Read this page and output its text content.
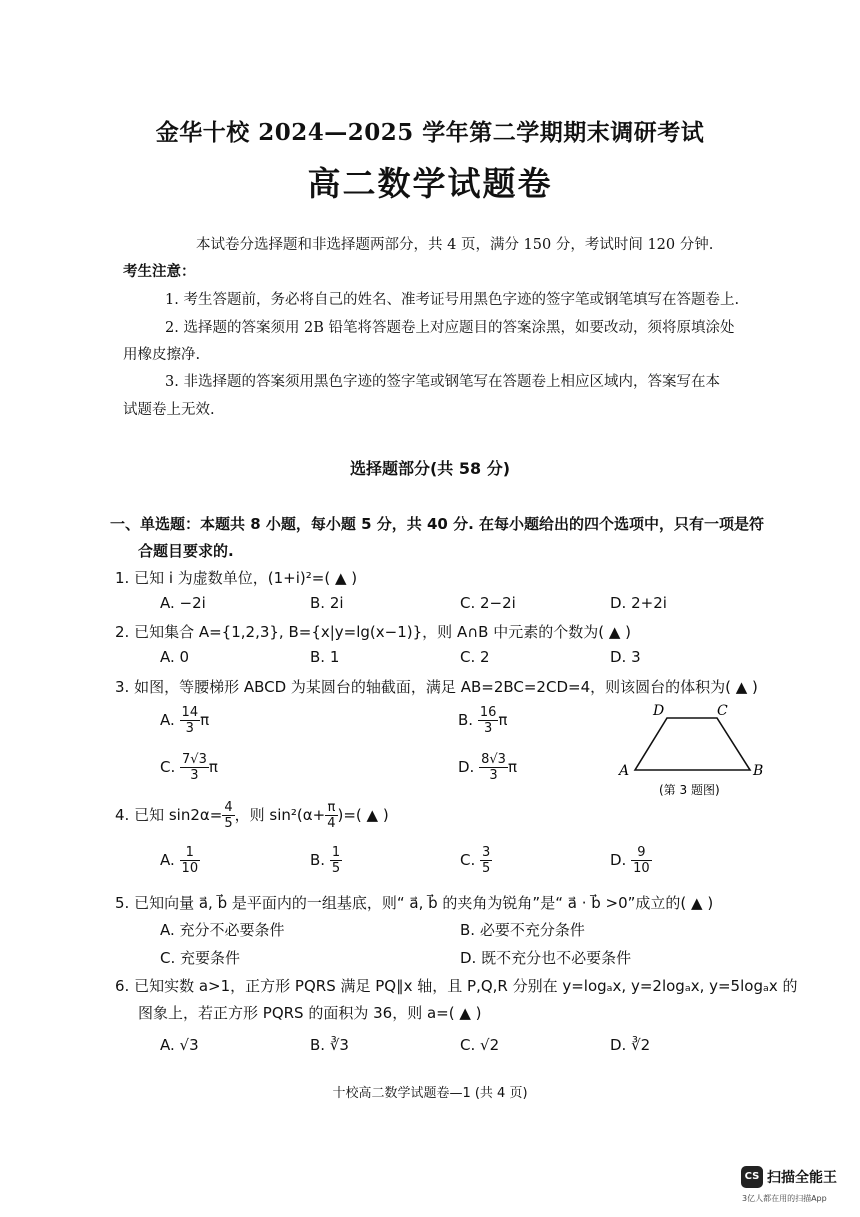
金华十校 2024—2025 学年第二学期期末调研考试
高二数学试题卷
本试卷分选择题和非选择题两部分，共 4 页，满分 150 分，考试时间 120 分钟.
考生注意：
1. 考生答题前，务必将自己的姓名、准考证号用黑色字迹的签字笔或钢笔填写在答题卷上.
2. 选择题的答案须用 2B 铅笔将答题卷上对应题目的答案涂黑，如要改动，须将原填涂处
用橡皮擦净.
3. 非选择题的答案须用黑色字迹的签字笔或钢笔写在答题卷上相应区域内，答案写在本
试题卷上无效.
选择题部分(共 58 分)
一、单选题：本题共 8 小题，每小题 5 分，共 40 分. 在每小题给出的四个选项中，只有一项是符
合题目要求的.
1. 已知 i 为虚数单位，(1+i)²=( ▲ )
A. −2i	B. 2i	C. 2−2i	D. 2+2i
2. 已知集合 A={1,2,3}, B={x|y=lg(x−1)}，则 A∩B 中元素的个数为( ▲ )
A. 0	B. 1	C. 2	D. 3
3. 如图，等腰梯形 ABCD 为某圆台的轴截面，满足 AB=2BC=2CD=4，则该圆台的体积为( ▲ )
A. $\frac{14}{3}$ π	B. $\frac{16}{3}$ π
C. $\frac{7√3}{3}$ π	D. $\frac{8√3}{3}$ π
D	C
A	B
(第 3 题图)
4. 已知 $\sin 2\alpha= \frac{4}{5}$ ，则 $\sin^2(\alpha+ \frac{\pi}{4}$ )=( ▲ )
A. $\frac{1}{10}$	B. $\frac{1}{5}$	C. $\frac{3}{5}$	D. $\frac{9}{10}$
5. 已知向量 a⃗, b⃗ 是平面内的一组基底，则“ a⃗, b⃗ 的夹角为锐角”是“ a⃗ · b⃗ >0”成立的( ▲ )
A. 充分不必要条件	B. 必要不充分条件
C. 充要条件	D. 既不充分也不必要条件
6. 已知实数 a>1，正方形 PQRS 满足 PQ∥x 轴，且 P,Q,R 分别在 y=logₐx, y=2logₐx, y=5logₐx 的
图象上，若正方形 PQRS 的面积为 36，则 a=( ▲ )
A. √3	B. ∛3	C. √2	D. ∛2
十校高二数学试题卷—1 (共 4 页)
CS 扫描全能王
3亿人都在用的扫描App
